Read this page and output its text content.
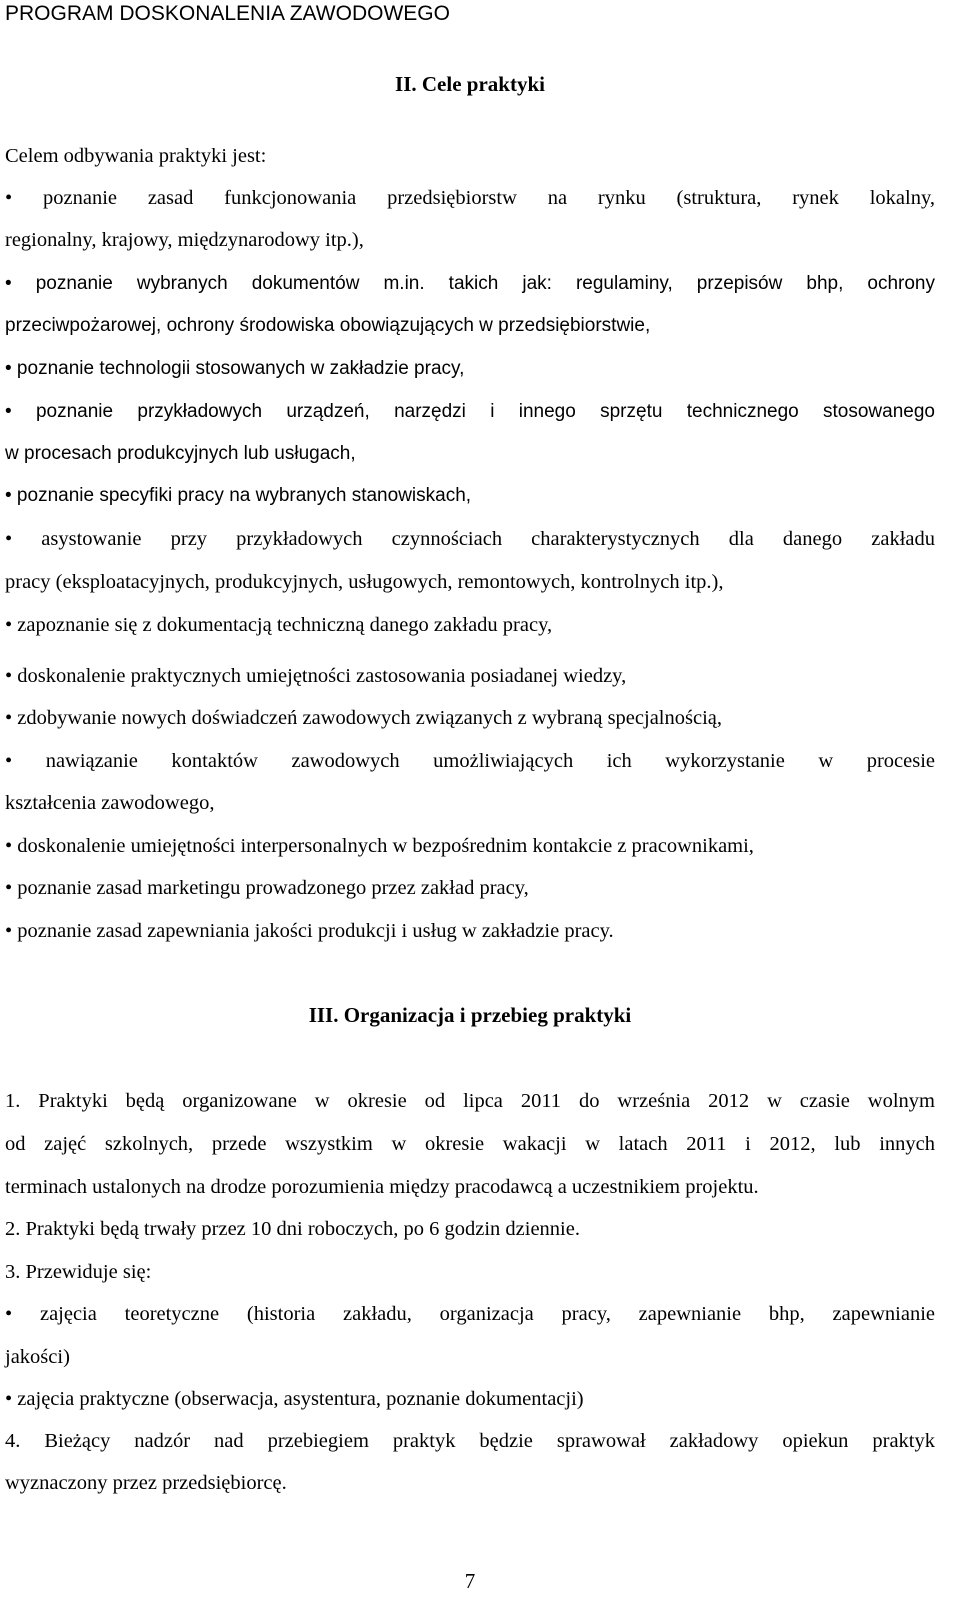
PROGRAM DOSKONALENIA ZAWODOWEGO
II. Cele praktyki
Celem odbywania praktyki jest:
• poznanie zasad funkcjonowania przedsiębiorstw na rynku (struktura, rynek lokalny,
regionalny, krajowy, międzynarodowy itp.),
• poznanie wybranych dokumentów m.in. takich jak: regulaminy, przepisów bhp, ochrony
przeciwpożarowej, ochrony środowiska obowiązujących w przedsiębiorstwie,
• poznanie technologii stosowanych w zakładzie pracy,
• poznanie przykładowych urządzeń, narzędzi i innego sprzętu technicznego stosowanego
w procesach produkcyjnych lub usługach,
• poznanie specyfiki pracy na wybranych stanowiskach,
• asystowanie przy przykładowych czynnościach charakterystycznych dla danego zakładu
pracy (eksploatacyjnych, produkcyjnych, usługowych, remontowych, kontrolnych itp.),
• zapoznanie się z dokumentacją techniczną danego zakładu pracy,
• doskonalenie praktycznych umiejętności zastosowania posiadanej wiedzy,
• zdobywanie nowych doświadczeń zawodowych związanych z wybraną specjalnością,
• nawiązanie kontaktów zawodowych umożliwiających ich wykorzystanie w procesie
kształcenia zawodowego,
• doskonalenie umiejętności interpersonalnych w bezpośrednim kontakcie z pracownikami,
• poznanie zasad marketingu prowadzonego przez zakład pracy,
• poznanie zasad zapewniania jakości produkcji i usług w zakładzie pracy.
III. Organizacja i przebieg praktyki
1. Praktyki będą organizowane w okresie od lipca 2011 do września 2012 w czasie wolnym
od zajęć szkolnych, przede wszystkim w okresie wakacji w latach 2011 i 2012, lub innych
terminach ustalonych na drodze porozumienia między pracodawcą a uczestnikiem projektu.
2. Praktyki będą trwały przez 10 dni roboczych, po 6 godzin dziennie.
3. Przewiduje się:
• zajęcia teoretyczne (historia zakładu, organizacja pracy, zapewnianie bhp, zapewnianie
jakości)
• zajęcia praktyczne (obserwacja, asystentura, poznanie dokumentacji)
4. Bieżący nadzór nad przebiegiem praktyk będzie sprawował zakładowy opiekun praktyk
wyznaczony przez przedsiębiorcę.
7
